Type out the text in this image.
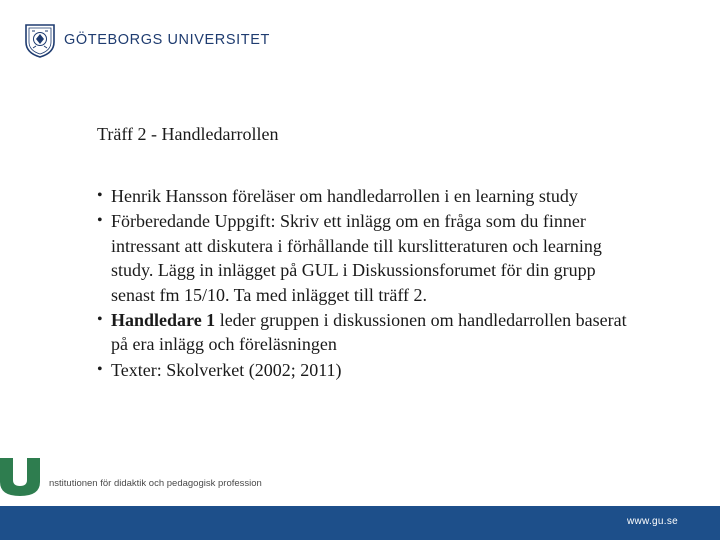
GÖTEBORGS UNIVERSITET
Träff 2 - Handledarrollen
• Henrik Hansson föreläser om handledarrollen i en learning study
• Förberedande Uppgift: Skriv ett inlägg om en fråga som du finner intressant att diskutera i förhållande till kurslitteraturen och learning study. Lägg in inlägget på GUL i Diskussionsforumet för din grupp senast fm 15/10. Ta med inlägget till träff 2.
• Handledare 1 leder gruppen i diskussionen om handledarrollen baserat på era inlägg och föreläsningen
• Texter: Skolverket (2002; 2011)
nstitutionen för didaktik och pedagogisk profession
www.gu.se
